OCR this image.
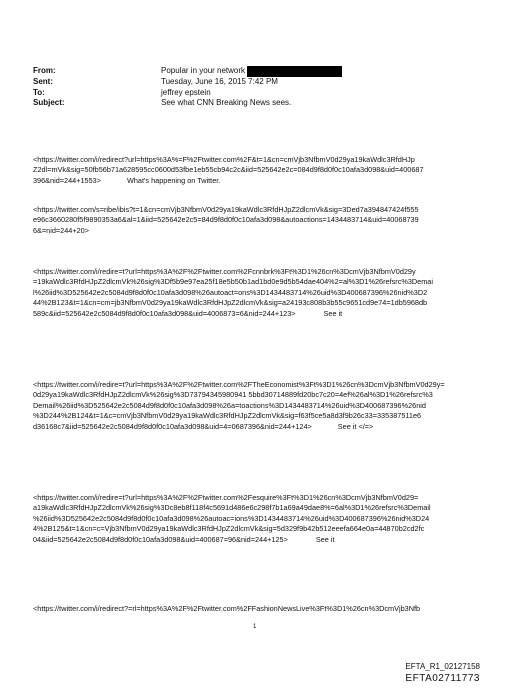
From:	Popular in your network
Sent:	Tuesday, June 16, 2015 7:42 PM
To:	jeffrey epstein
Subject:	See what CNN Breaking News sees.
<https://twitter.com/i/redirect?url=https%3A%=F%2Ftwitter.com%2F&t=1&cn=cmVjb3NfbmV0d29ya19kaWdlc3RfdHJp
Z2dl=mVk&sig=50fb56b71a628595cc0600d53fbe1eb55cb94c2c&iid=525642e2c=084d9f8d0f0c10afa3d098&uid=400687
396&nid=244+1553>	What's happening on Twitter.
<https://twitter.com/s=ribe/ibis?t=1&cn=cmVjb3NfbmV0d29ya19kaWdlc3RfdHJpZ2dlcmVk&sig=3Ded7a394847424f555
e96c3660280f5f9890353a6&al=1&iid=525642e2c5=84d9f8d0f0c10afa3d098&autoactions=1434483714&uid=40068739
6&=nid=244+20>
<https://twitter.com/i/redire=t?url=https%3A%2F%2Ftwitter.com%2Fcnnbrk%3Ft%3D1%26cn%3DcmVjb3NfbmV0d29y
=19kaWdlc3RfdHJpZ2dlcmVk%26sig%3Df5b9e97ea25f18e5b50b1ad1bd0e9d5b54dae404%2=al%3D1%26refsrc%3Demai
l%26iid%3D525642e2c5084d9f8d0f0c10afa3d098%26autoact=ons%3D1434483714%26uid%3D400687396%26nid%3D2
44%2B123&t=1&cn=cm=jb3NfbmV0d29ya19kaWdlc3RfdHJpZ2dlcmVk&sig=a24193c808b3b55c9651cd9e74=1db5968db
589c&iid=525642e2c5084d9f8d0f0c10afa3d098&uid=4006873=6&nid=244+123>	See it
<https://twitter.com/i/redire=t?url=https%3A%2F%2Ftwitter.com%2FTheEconomist%3Ft%3D1%26cn%3DcmVjb3NfbmV0d29y=
0d29ya19kaWdlc3RfdHJpZ2dlcmVk%26sig%3D73794345980941 5bbd30714889fd20bc7c20=4ef%26al%3D1%26refsrc%3
Demail%26iid%3D525642e2c5084d9f8d0f0c10afa3d098%26a=toactions%3D1434483714%26uid%3D400687396%26nid
%3D244%2B124&t=1&c=cmVjb3NfbmV0d29ya19kaWdlc3RfdHJpZ2dlcmVk&sig=f63f5ce5a8d3f9b26c33=335387511e6
d36168c7&iid=525642e2c5084d9f8d0f0c10afa3d098&uid=4=0687396&nid=244+124>	See it </=>
<https://twitter.com/i/redire=t?url=https%3A%2F%2Ftwitter.com%2Fesquire%3Ft%3D1%26cn%3DcmVjb3NfbmV0d29=
a19kaWdlc3RfdHJpZ2dlcmVk%26sig%3Dc8eb8f118f4c5691d486e6c298f7b1a69a49dae8%=6al%3D1%26refsrc%3Demail
%26iid%3D525642e2c5084d9f8d0f0c10afa3d098%26autoac=ions%3D1434483714%26uid%3D400687396%26nid%3D24
4%2B125&t=1&cn=c=Vjb3NfbmV0d29ya19kaWdlc3RfdHJpZ2dlcmVk&sig=5d329f9b42b512eeefa664e0a=44870b2cd2fc
04&iid=525642e2c5084d9f8d0f0c10afa3d098&uid=400687=96&nid=244+125>	See it
<https://twitter.com/i/redirect?=rl=https%3A%2F%2Ftwitter.com%2FFashionNewsLive%3Ft%3D1%26cn%3DcmVjb3Nfb
1
EFTA_R1_02127158
EFTA02711773
